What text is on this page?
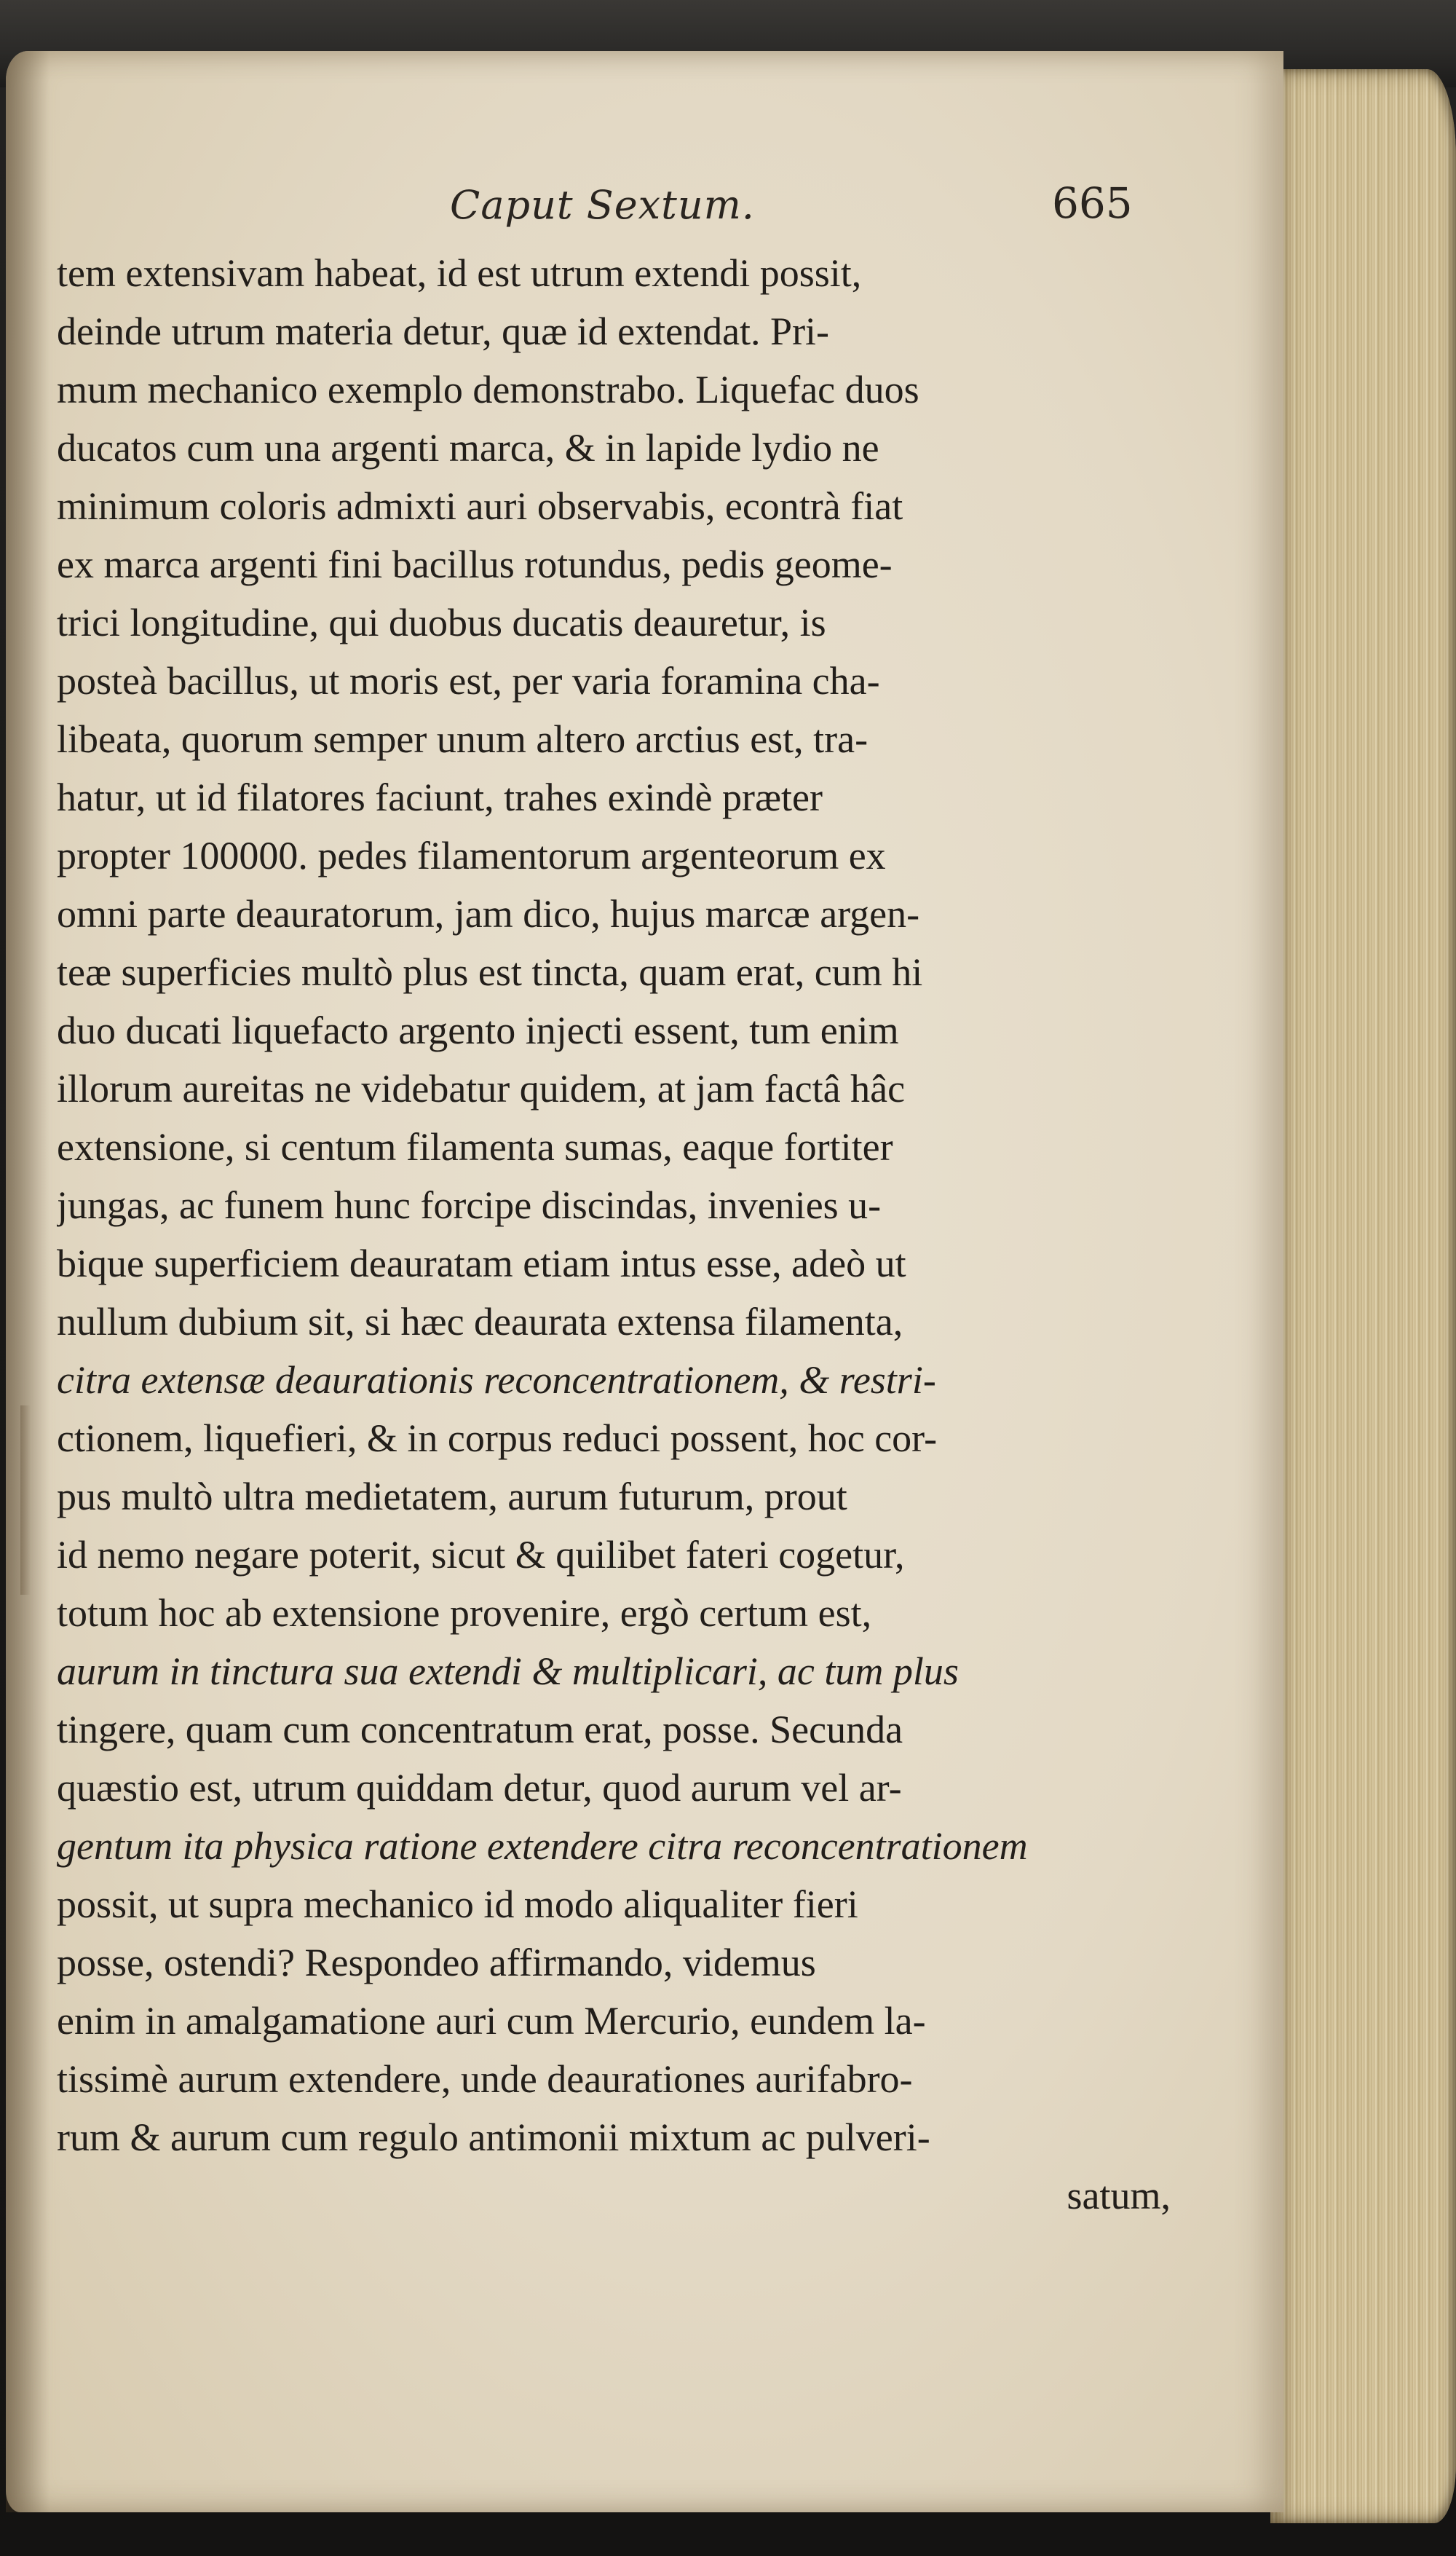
Caput Sextum.	665
tem extensivam habeat, id est utrum extendi possit,
deinde utrum materia detur, quæ id extendat. Pri-
mum mechanico exemplo demonstrabo. Liquefac duos
ducatos cum una argenti marca, & in lapide lydio ne
minimum coloris admixti auri observabis, econtrà fiat
ex marca argenti fini bacillus rotundus, pedis geome-
trici longitudine, qui duobus ducatis deauretur, is
posteà bacillus, ut moris est, per varia foramina cha-
libeata, quorum semper unum altero arctius est, tra-
hatur, ut id filatores faciunt, trahes exindè præter
propter 100000. pedes filamentorum argenteorum ex
omni parte deauratorum, jam dico, hujus marcæ argen-
teæ superficies multò plus est tincta, quam erat, cum hi
duo ducati liquefacto argento injecti essent, tum enim
illorum aureitas ne videbatur quidem, at jam factâ hâc
extensione, si centum filamenta sumas, eaque fortiter
jungas, ac funem hunc forcipe discindas, invenies u-
bique superficiem deauratam etiam intus esse, adeò ut
nullum dubium sit, si hæc deaurata extensa filamenta,
citra extensæ deaurationis reconcentrationem, & restri-
ctionem, liquefieri, & in corpus reduci possent, hoc cor-
pus multò ultra medietatem, aurum futurum, prout
id nemo negare poterit, sicut & quilibet fateri cogetur,
totum hoc ab extensione provenire, ergò certum est,
aurum in tinctura sua extendi & multiplicari, ac tum plus
tingere, quam cum concentratum erat, posse. Secunda
quæstio est, utrum quiddam detur, quod aurum vel ar-
gentum ita physica ratione extendere citra reconcentrationem
possit, ut supra mechanico id modo aliqualiter fieri
posse, ostendi? Respondeo affirmando, videmus
enim in amalgamatione auri cum Mercurio, eundem la-
tissimè aurum extendere, unde deaurationes aurifabro-
rum & aurum cum regulo antimonii mixtum ac pulveri-
satum,
